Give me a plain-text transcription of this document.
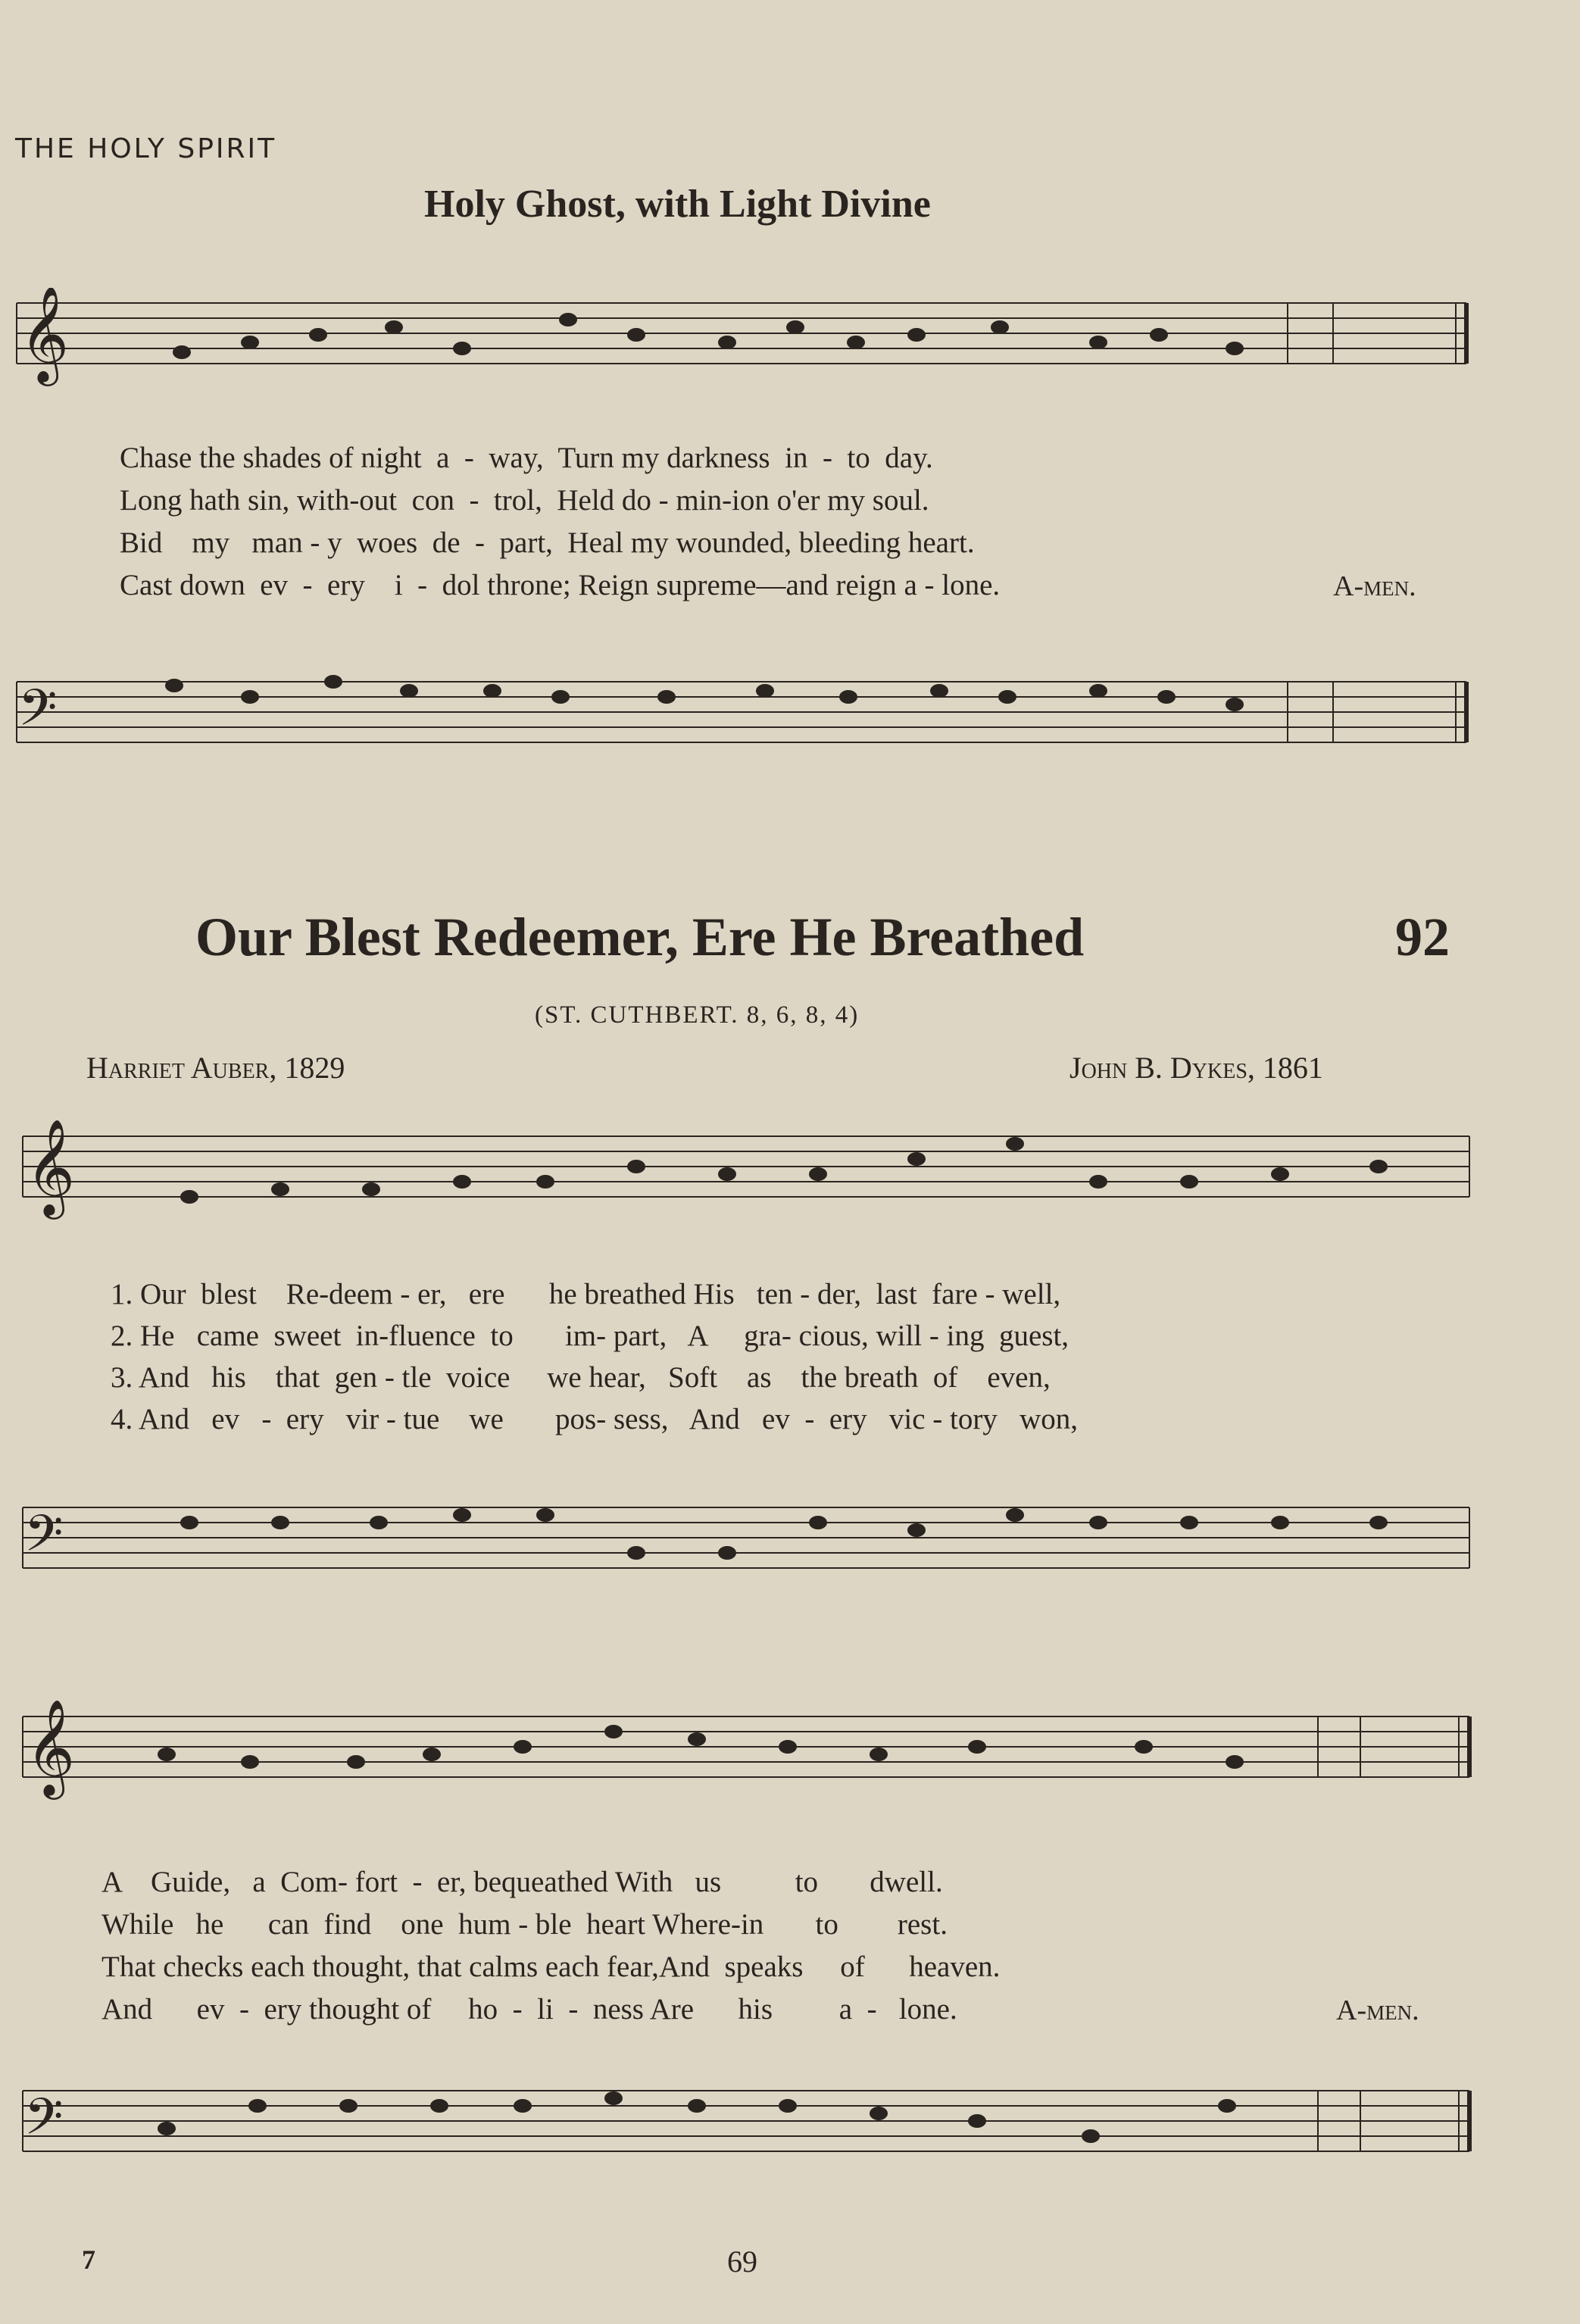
THE HOLY SPIRIT
Holy Ghost, with Light Divine
𝄞
Chase the shades of night  a  -  way,  Turn my darkness  in  -  to  day.
Long hath sin, with-out  con  -  trol,  Held do - min-ion o'er my soul.
Bid    my   man - y  woes  de  -  part,  Heal my wounded, bleeding heart.
Cast down  ev  -  ery    i  -  dol throne; Reign supreme—and reign a - lone.	A-men.
𝄢
Our Blest Redeemer, Ere He Breathed	92
(ST. CUTHBERT. 8, 6, 8, 4)
Harriet Auber, 1829	John B. Dykes, 1861
𝄞
1. Our  blest    Re-deem - er,   ere      he breathed His   ten - der,  last  fare - well,
2. He   came  sweet  in-fluence  to       im- part,   A     gra- cious, will - ing  guest,
3. And   his    that  gen - tle  voice     we hear,   Soft    as    the breath  of    even,
4. And   ev   -  ery   vir - tue    we       pos- sess,   And   ev  -  ery   vic - tory   won,
𝄢
𝄞
A    Guide,   a  Com- fort  -  er, bequeathed With   us          to       dwell.
While   he      can  find    one  hum - ble  heart Where-in       to        rest.
That checks each thought, that calms each fear,And  speaks     of      heaven.
And      ev  -  ery thought of     ho  -  li  -  ness Are      his         a  -   lone.	A-men.
𝄢
7	69
